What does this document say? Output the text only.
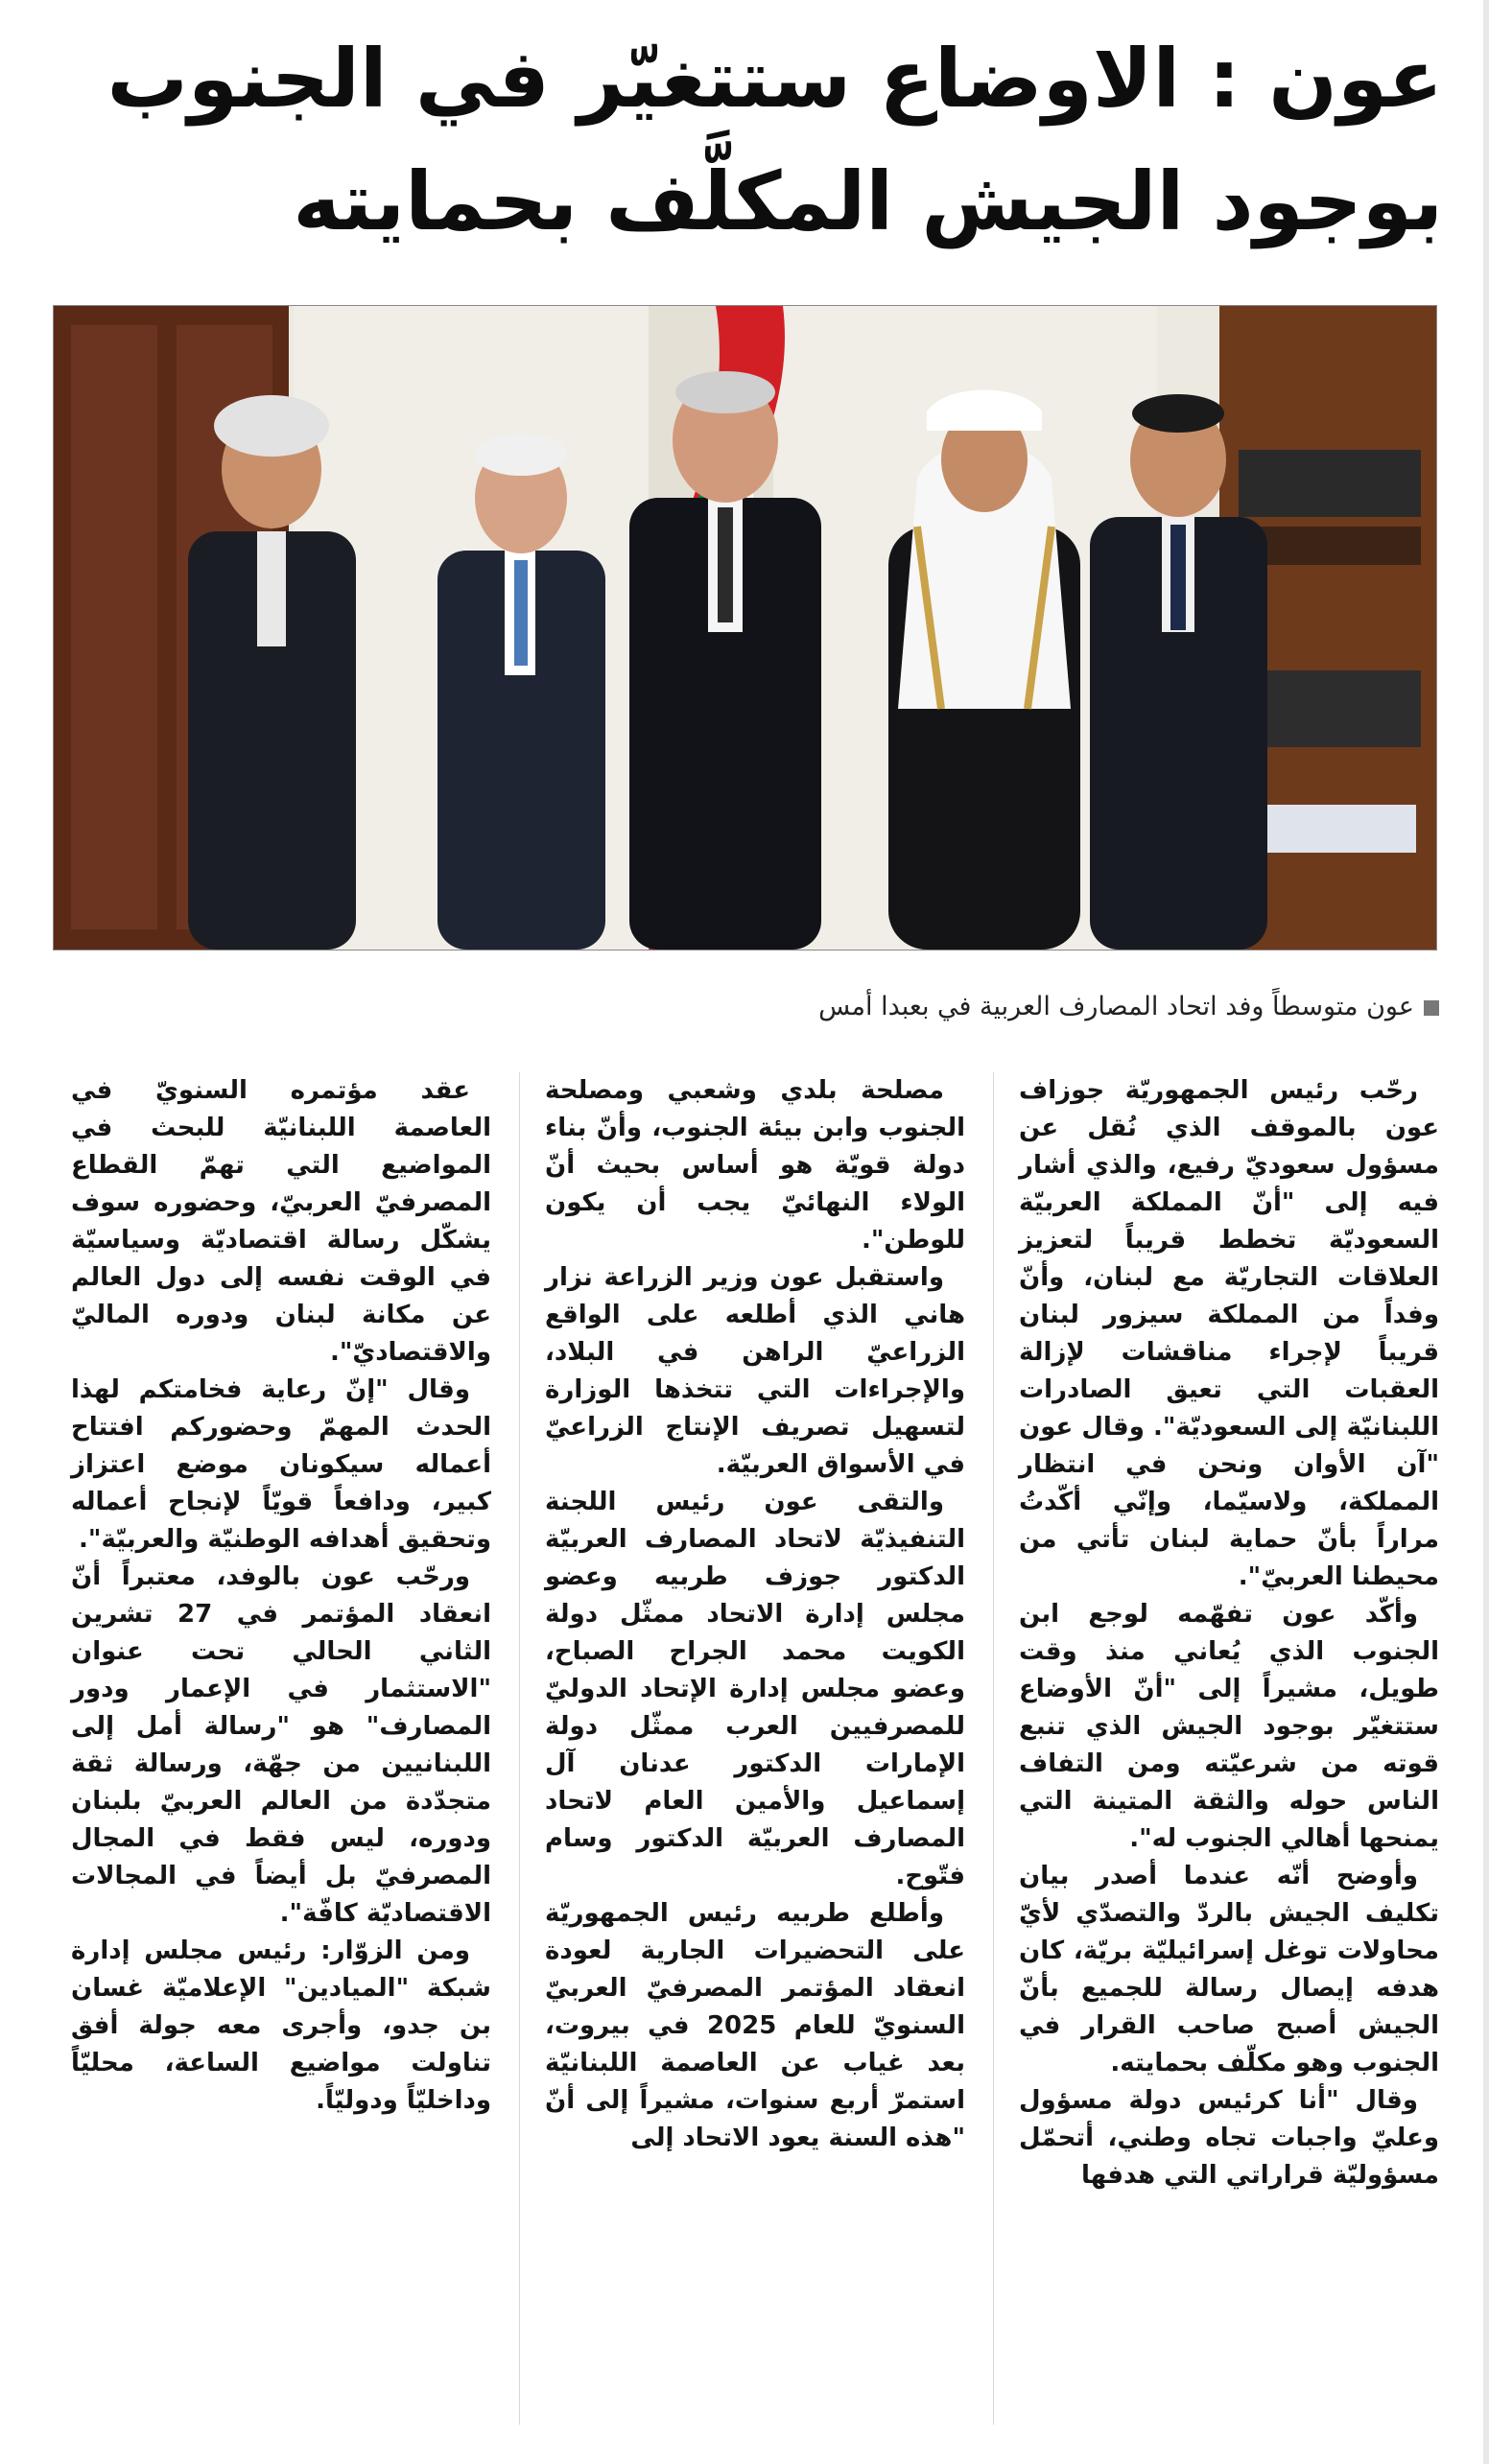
عون : الاوضاع ستتغيّر في الجنوب
بوجود الجيش المكلَّف بحمايته
عون متوسطاً وفد اتحاد المصارف العربية في بعبدا أمس

رحّب رئيس الجمهوريّة جوزاف عون بالموقف الذي نُقل عن مسؤول سعوديّ رفيع، والذي أشار فيه إلى "أنّ المملكة العربيّة السعوديّة تخطط قريباً لتعزيز العلاقات التجاريّة مع لبنان، وأنّ وفداً من المملكة سيزور لبنان قريباً لإجراء مناقشات لإزالة العقبات التي تعيق الصادرات اللبنانيّة إلى السعوديّة". وقال عون "آن الأوان ونحن في انتظار المملكة، ولاسيّما، وإنّي أكّدتُ مراراً بأنّ حماية لبنان تأتي من محيطنا العربيّ".

وأكّد عون تفهّمه لوجع ابن الجنوب الذي يُعاني منذ وقت طويل، مشيراً إلى "أنّ الأوضاع ستتغيّر بوجود الجيش الذي تنبع قوته من شرعيّته ومن التفاف الناس حوله والثقة المتينة التي يمنحها أهالي الجنوب له".

وأوضح أنّه عندما أصدر بيان تكليف الجيش بالردّ والتصدّي لأيّ محاولات توغل إسرائيليّة بريّة، كان هدفه إيصال رسالة للجميع بأنّ الجيش أصبح صاحب القرار في الجنوب وهو مكلّف بحمايته.

وقال "أنا كرئيس دولة مسؤول وعليّ واجبات تجاه وطني، أتحمّل مسؤوليّة قراراتي التي هدفها

مصلحة بلدي وشعبي ومصلحة الجنوب وابن بيئة الجنوب، وأنّ بناء دولة قويّة هو أساس بحيث أنّ الولاء النهائيّ يجب أن يكون للوطن".

واستقبل عون وزير الزراعة نزار هاني الذي أطلعه على الواقع الزراعيّ الراهن في البلاد، والإجراءات التي تتخذها الوزارة لتسهيل تصريف الإنتاج الزراعيّ في الأسواق العربيّة.

والتقى عون رئيس اللجنة التنفيذيّة لاتحاد المصارف العربيّة الدكتور جوزف طربيه وعضو مجلس إدارة الاتحاد ممثّل دولة الكويت محمد الجراح الصباح، وعضو مجلس إدارة الإتحاد الدوليّ للمصرفيين العرب ممثّل دولة الإمارات الدكتور عدنان آل إسماعيل والأمين العام لاتحاد المصارف العربيّة الدكتور وسام فتّوح.

وأطلع طربيه رئيس الجمهوريّة على التحضيرات الجارية لعودة انعقاد المؤتمر المصرفيّ العربيّ السنويّ للعام 2025 في بيروت، بعد غياب عن العاصمة اللبنانيّة استمرّ أربع سنوات، مشيراً إلى أنّ "هذه السنة يعود الاتحاد إلى

عقد مؤتمره السنويّ في العاصمة اللبنانيّة للبحث في المواضيع التي تهمّ القطاع المصرفيّ العربيّ، وحضوره سوف يشكّل رسالة اقتصاديّة وسياسيّة في الوقت نفسه إلى دول العالم عن مكانة لبنان ودوره الماليّ والاقتصاديّ".

وقال "إنّ رعاية فخامتكم لهذا الحدث المهمّ وحضوركم افتتاح أعماله سيكونان موضع اعتزاز كبير، ودافعاً قويّاً لإنجاح أعماله وتحقيق أهدافه الوطنيّة والعربيّة".

ورحّب عون بالوفد، معتبراً أنّ انعقاد المؤتمر في 27 تشرين الثاني الحالي تحت عنوان "الاستثمار في الإعمار ودور المصارف" هو "رسالة أمل إلى اللبنانيين من جهّة، ورسالة ثقة متجدّدة من العالم العربيّ بلبنان ودوره، ليس فقط في المجال المصرفيّ بل أيضاً في المجالات الاقتصاديّة كافّة".

ومن الزوّار: رئيس مجلس إدارة شبكة "الميادين" الإعلاميّة غسان بن جدو، وأجرى معه جولة أفق تناولت مواضيع الساعة، محليّاً وداخليّاً ودوليّاً.
